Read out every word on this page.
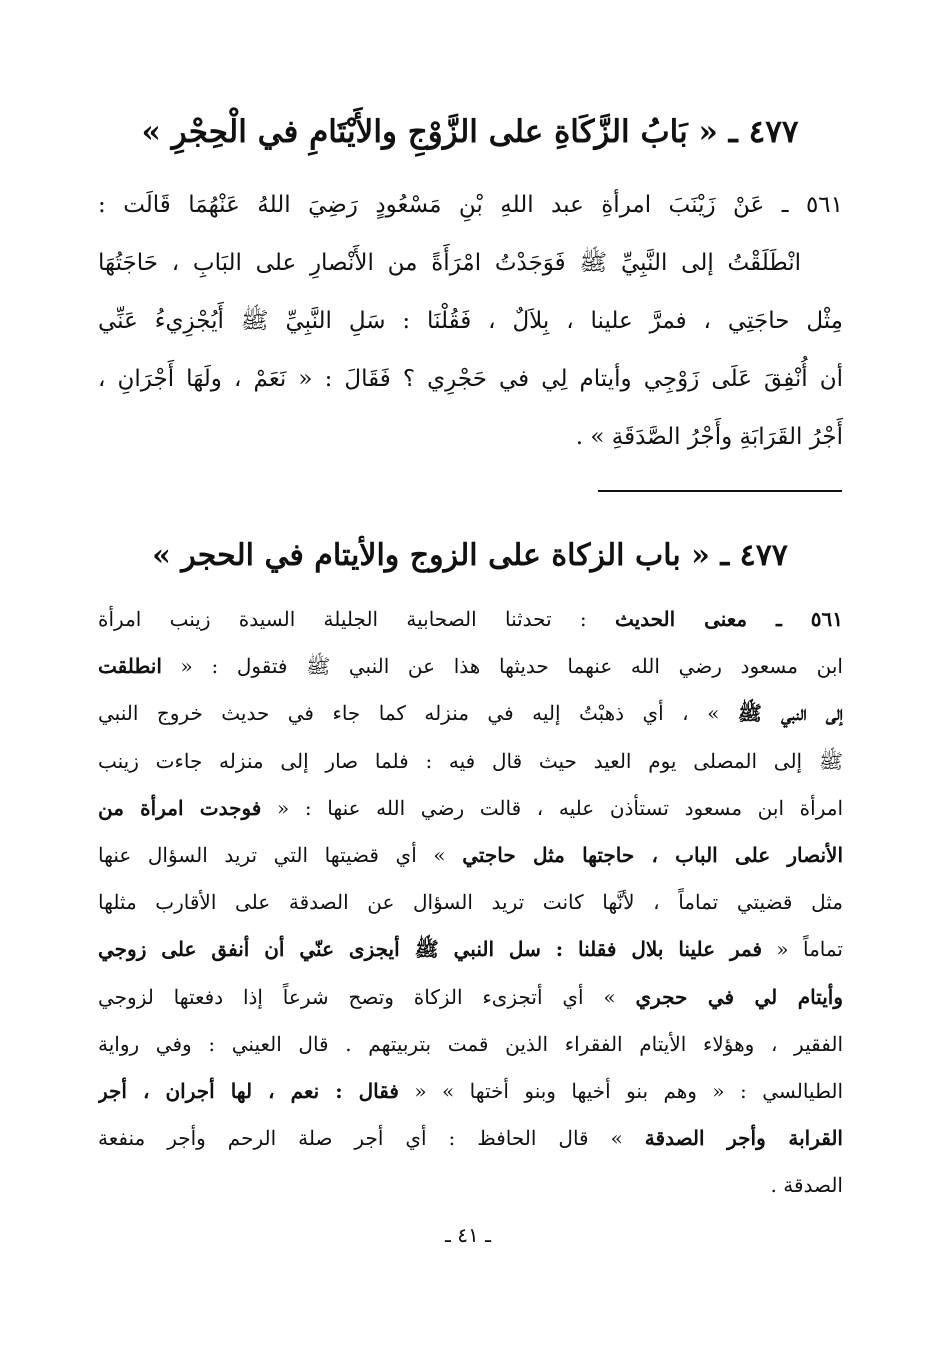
٤٧٧ ـ « بَابُ الزَّكَاةِ على الزَّوْجِ والأَيْتَامِ في الْحِجْرِ »
٥٦١ ـ عَنْ زَيْنَبَ امرأةِ عبد اللهِ بْنِ مَسْعُودٍ رَضِيَ اللهُ عَنْهُمَا قَالَت :
انْطَلَقْتُ إلى النَّبِيِّ ﷺ فَوَجَدْتُ امْرَأَةً من الأَنْصارِ على البَابِ ، حَاجَتُهَا
مِثْل حاجَتِي ، فمرَّ علينا ، بِلاَلٌ ، فَقُلْنَا : سَلِ النَّبِيِّ ﷺ أَيُجْزِيءُ عَنِّي
أن أُنْفِقَ عَلَى زَوْجِي وأيتام لِي في حَجْرِي ؟ فَقَالَ : « نَعَمْ ، ولَهَا أَجْرَانِ ،
أَجْرُ القَرَابَةِ وأَجْرُ الصَّدَقَةِ » .
٤٧٧ ـ « باب الزكاة على الزوج والأيتام في الحجر »
٥٦١ ـ معنى الحديث : تحدثنا الصحابية الجليلة السيدة زينب امرأة
ابن مسعود رضي الله عنهما حديثها هذا عن النبي ﷺ فتقول : « انطلقت
إلى النبي ﷺ » ، أي ذهبْتُ إليه في منزله كما جاء في حديث خروج النبي
ﷺ إلى المصلى يوم العيد حيث قال فيه : فلما صار إلى منزله جاءت زينب
امرأة ابن مسعود تستأذن عليه ، قالت رضي الله عنها : « فوجدت امرأة من
الأنصار على الباب ، حاجتها مثل حاجتي » أي قضيتها التي تريد السؤال عنها
مثل قضيتي تماماً ، لأنَّها كانت تريد السؤال عن الصدقة على الأقارب مثلها
تماماً « فمر علينا بلال فقلنا : سل النبي ﷺ أيجزى عنّي أن أنفق على زوجي
وأيتام لي في حجري » أي أتجزىء الزكاة وتصح شرعاً إذا دفعتها لزوجي
الفقير ، وهؤلاء الأيتام الفقراء الذين قمت بتربيتهم . قال العيني : وفي رواية
الطيالسي : « وهم بنو أخيها وبنو أختها » « فقال : نعم ، لها أجران ، أجر
القرابة وأجر الصدقة » قال الحافظ : أي أجر صلة الرحم وأجر منفعة
الصدقة .
ـ ٤١ ـ
